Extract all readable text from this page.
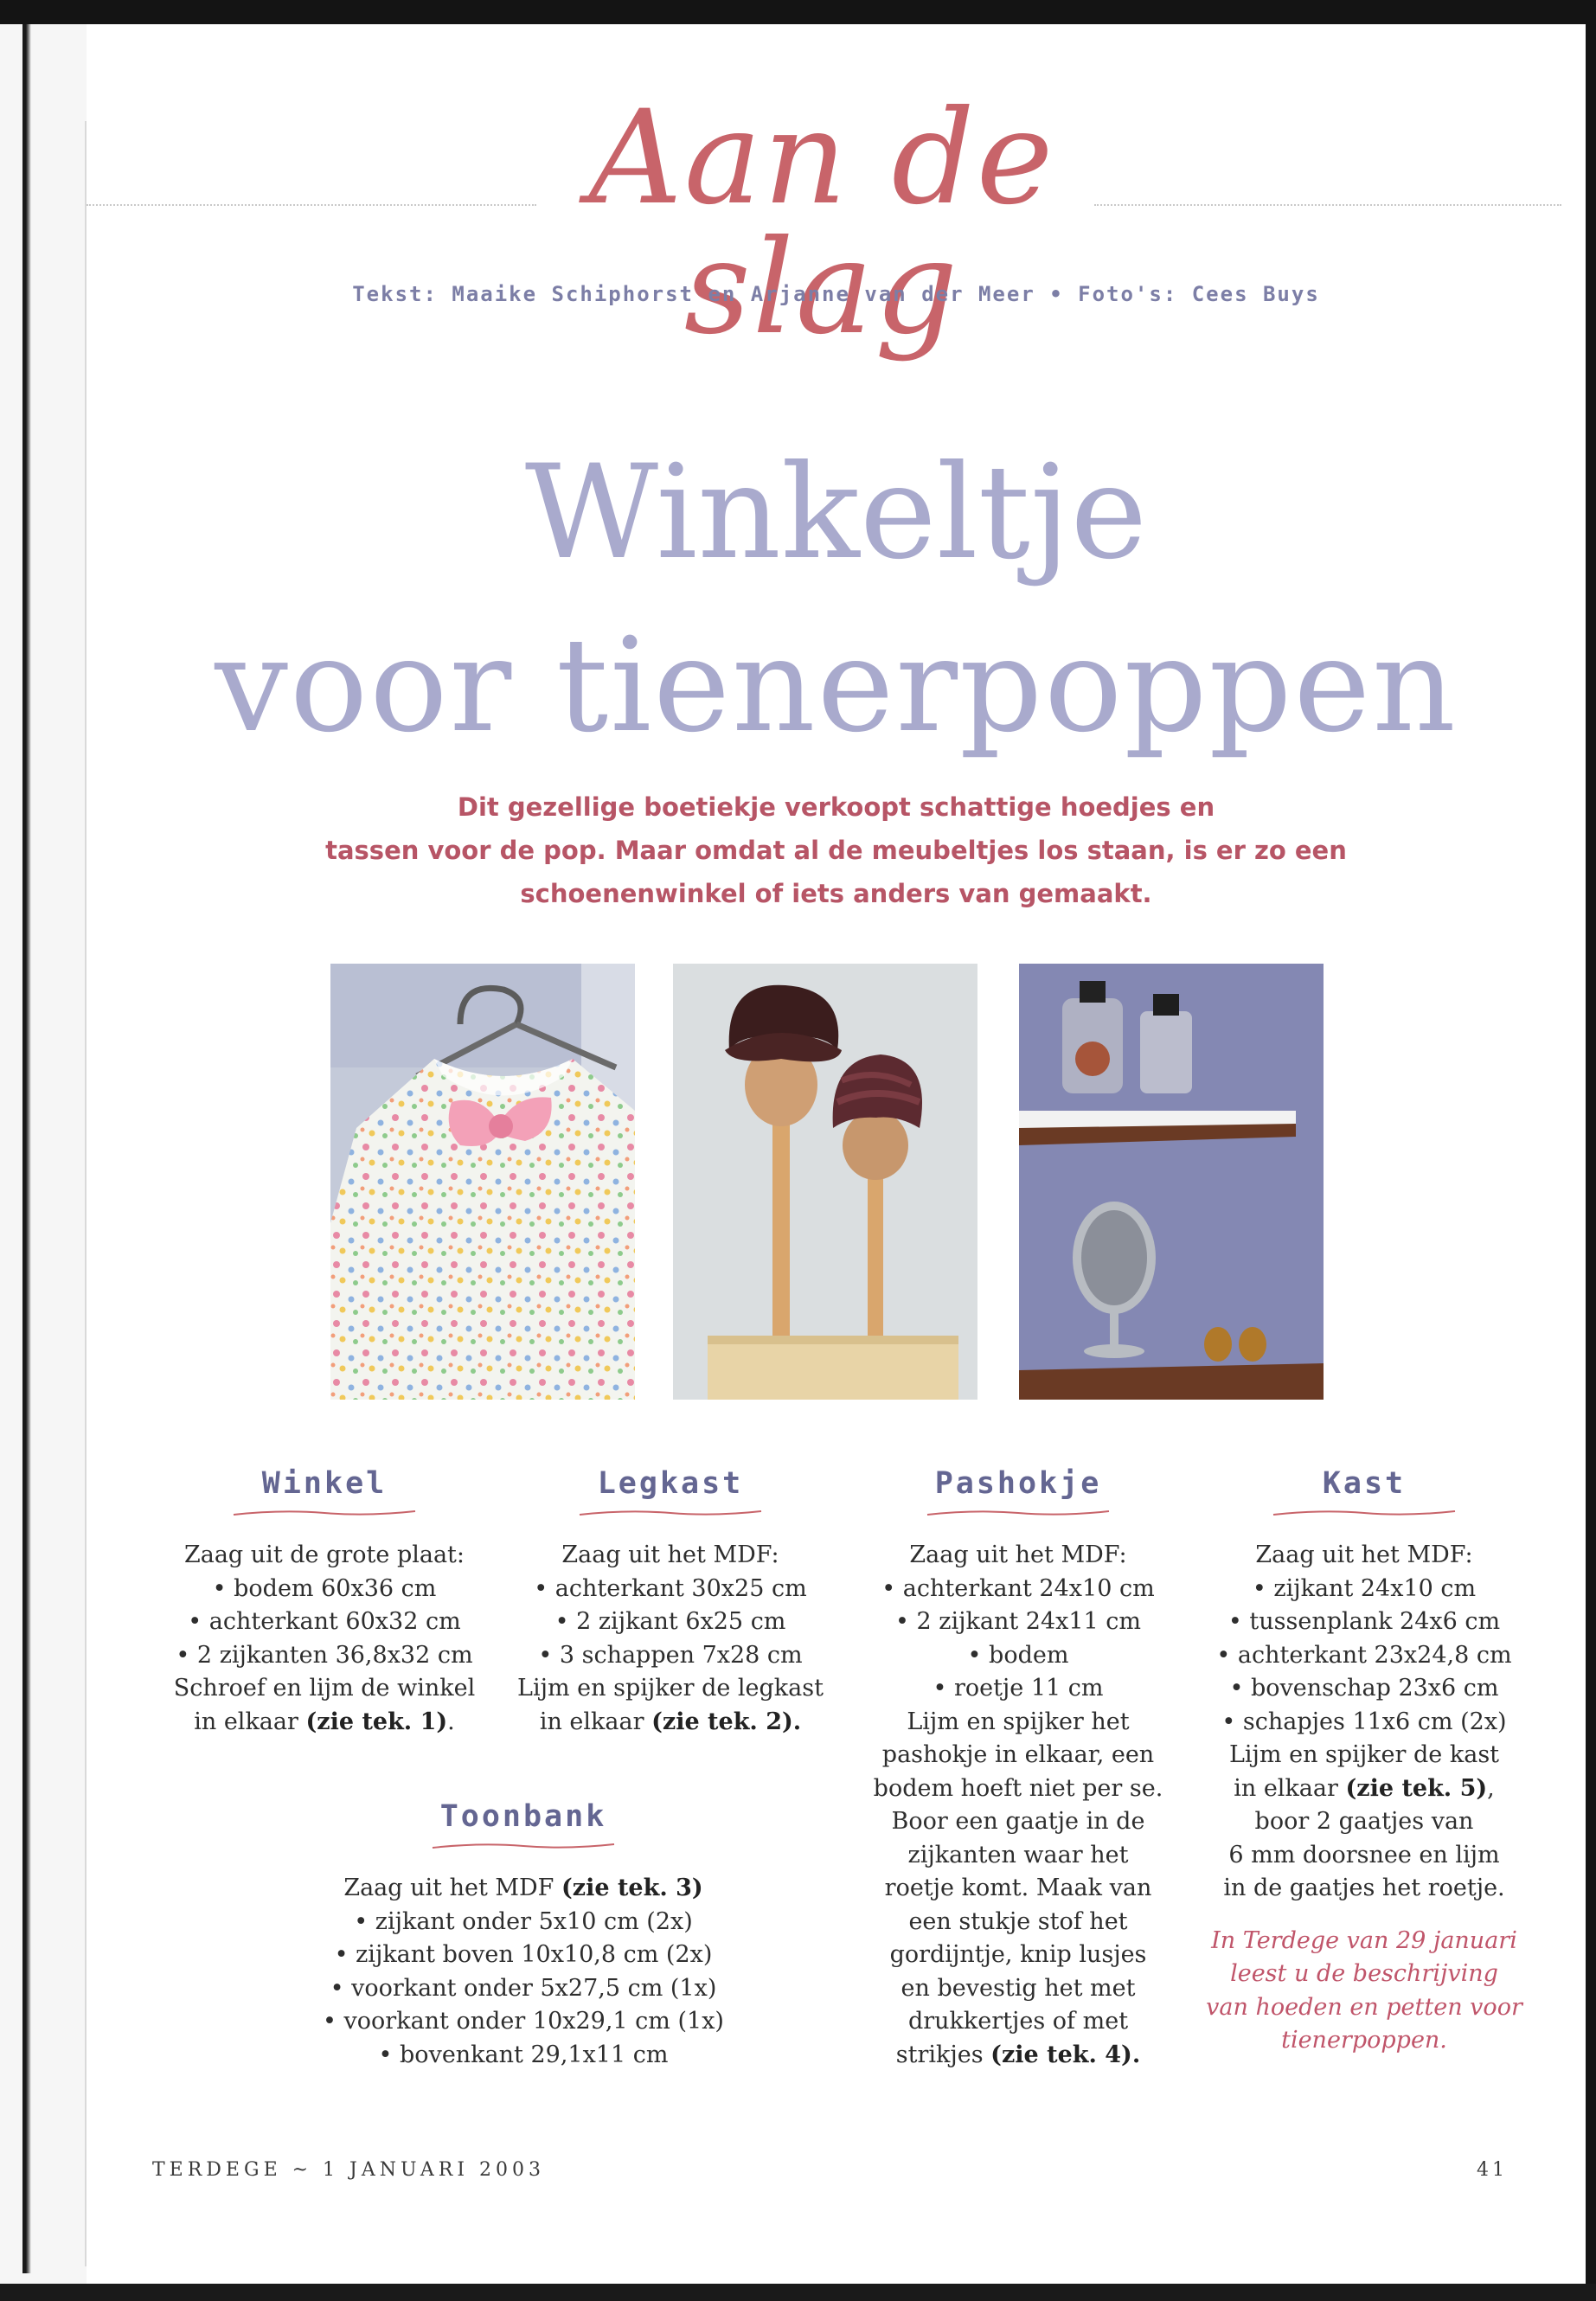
Aan de slag
Tekst: Maaike Schiphorst en Arjanne van der Meer • Foto's: Cees Buys
Winkeltje
voor tienerpoppen
Dit gezellige boetiekje verkoopt schattige hoedjes en
tassen voor de pop. Maar omdat al de meubeltjes los staan, is er zo een
schoenenwinkel of iets anders van gemaakt.
Winkel

Zaag uit de grote plaat:

• bodem 60x36 cm

• achterkant 60x32 cm

• 2 zijkanten 36,8x32 cm

Schroef en lijm de winkel

in elkaar (zie tek. 1).

Legkast

Zaag uit het MDF:

• achterkant 30x25 cm

• 2 zijkant 6x25 cm

• 3 schappen 7x28 cm

Lijm en spijker de legkast

in elkaar (zie tek. 2).

Pashokje

Zaag uit het MDF:

• achterkant 24x10 cm

• 2 zijkant 24x11 cm

• bodem

• roetje 11 cm

Lijm en spijker het

pashokje in elkaar, een

bodem hoeft niet per se.

Boor een gaatje in de

zijkanten waar het

roetje komt. Maak van

een stukje stof het

gordijntje, knip lusjes

en bevestig het met

drukkertjes of met

strikjes (zie tek. 4).

Kast

Zaag uit het MDF:

• zijkant 24x10 cm

• tussenplank 24x6 cm

• achterkant 23x24,8 cm

• bovenschap 23x6 cm

• schapjes 11x6 cm (2x)

Lijm en spijker de kast

in elkaar (zie tek. 5),

boor 2 gaatjes van

6 mm doorsnee en lijm

in de gaatjes het roetje.

In Terdege van 29 januari

leest u de beschrijving

van hoeden en petten voor

tienerpoppen.

Toonbank

Zaag uit het MDF (zie tek. 3)

• zijkant onder 5x10 cm (2x)

• zijkant boven 10x10,8 cm (2x)

• voorkant onder 5x27,5 cm (1x)

• voorkant onder 10x29,1 cm (1x)

• bovenkant 29,1x11 cm

TERDEGE ~ 1 JANUARI 2003	41
